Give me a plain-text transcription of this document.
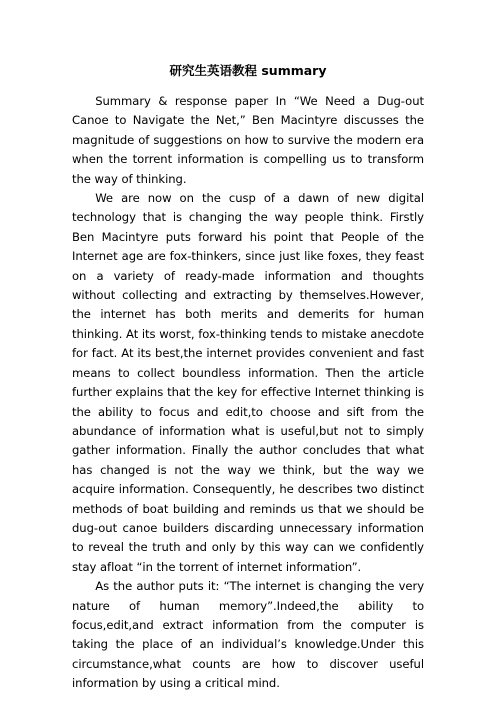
研究生英语教程 summary

Summary & response paper In “We Need a Dug-out Canoe to Navigate the Net,” Ben Macintyre discusses the magnitude of suggestions on how to survive the modern era when the torrent information is compelling us to transform the way of thinking.

We are now on the cusp of a dawn of new digital technology that is changing the way people think. Firstly Ben Macintyre puts forward his point that People of the Internet age are fox-thinkers, since just like foxes, they feast on a variety of ready-made information and thoughts without collecting and extracting by themselves.However, the internet has both merits and demerits for human thinking. At its worst, fox-thinking tends to mistake anecdote for fact. At its best,the internet provides convenient and fast means to collect boundless information. Then the article further explains that the key for effective Internet thinking is the ability to focus and edit,to choose and sift from the abundance of information what is useful,but not to simply gather information. Finally the author concludes that what has changed is not the way we think, but the way we acquire information. Consequently, he describes two distinct methods of boat building and reminds us that we should be dug-out canoe builders discarding unnecessary information to reveal the truth and only by this way can we confidently stay afloat “in the torrent of internet information”.

As the author puts it: “The internet is changing the very nature of human memory”.Indeed,the ability to focus,edit,and extract information from the computer is taking the place of an individual’s knowledge.Under this circumstance,what counts are how to discover useful information by using a critical mind.
